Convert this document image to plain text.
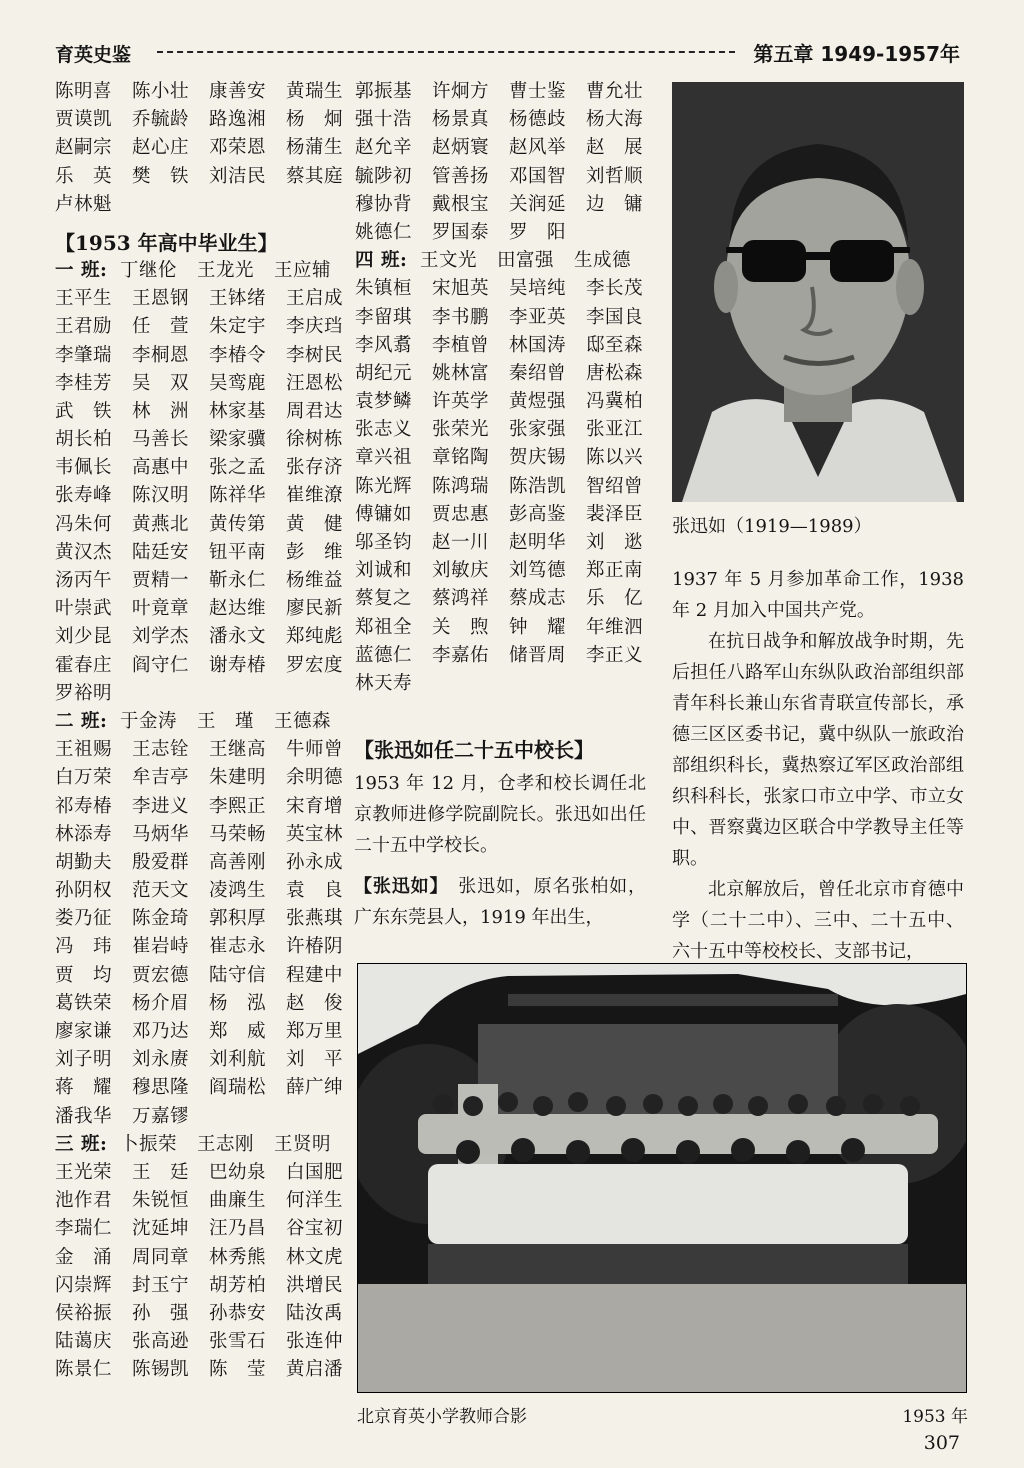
育英史鉴	第五章 1949-1957年
陈明喜 陈小壮 康善安 黄瑞生
贾谟凯 乔毓龄 路逸湘 杨　炯
赵嗣宗 赵心庄 邓荣恩 杨蒲生
乐　英 樊　铁 刘洁民 蔡其庭
卢林魁
【1953 年高中毕业生】
一 班: 丁继伦 王龙光 王应辅
王平生 王恩钢 王钵绪 王启成
王君励 任　萱 朱定宇 李庆珰
李肇瑞 李桐恩 李椿令 李树民
李桂芳 吴　双 吴鸾鹿 汪恩松
武　铁 林　洲 林家基 周君达
胡长柏 马善长 梁家骥 徐树栋
韦佩长 高惠中 张之孟 张存济
张寿峰 陈汉明 陈祥华 崔维潦
冯朱何 黄燕北 黄传第 黄　健
黄汉杰 陆廷安 钮平南 彭　维
汤丙午 贾精一 靳永仁 杨维益
叶崇武 叶竟章 赵达维 廖民新
刘少昆 刘学杰 潘永文 郑纯彪
霍春庄 阎守仁 谢寿椿 罗宏度
罗裕明
二 班: 于金涛 王　瑾 王德森
王祖赐 王志铨 王继高 牛师曾
白万荣 牟吉亭 朱建明 余明德
祁寿椿 李进义 李熙正 宋育增
林添寿 马炳华 马荣畅 英宝林
胡勤夫 殷爱群 高善刚 孙永成
孙阴权 范天文 凌鸿生 袁　良
娄乃征 陈金琦 郭积厚 张燕琪
冯　玮 崔岩峙 崔志永 许椿阴
贾　均 贾宏德 陆守信 程建中
葛铁荣 杨介眉 杨　泓 赵　俊
廖家谦 邓乃达 郑　威 郑万里
刘子明 刘永赓 刘利航 刘　平
蒋　耀 穆思隆 阎瑞松 薛广绅
潘我华 万嘉镠
三 班: 卜振荣 王志刚 王贤明
王光荣 王　廷 巴幼泉 白国肥
池作君 朱锐恒 曲廉生 何洋生
李瑞仁 沈延坤 汪乃昌 谷宝初
金　涌 周同章 林秀熊 林文虎
闪崇辉 封玉宁 胡芳柏 洪增民
侯裕振 孙　强 孙恭安 陆汝禹
陆蔼庆 张高逊 张雪石 张连仲
陈景仁 陈锡凯 陈　莹 黄启潘
郭振基 许炯方 曹士鉴 曹允壮
强十浩 杨景真 杨德歧 杨大海
赵允辛 赵炳寰 赵风举 赵　展
毓陟初 管善扬 邓国智 刘哲顺
穆协背 戴根宝 关润延 边　镛
姚德仁 罗国泰 罗　阳
四 班: 王文光 田富强 生成德
朱镇桓 宋旭英 吴培纯 李长茂
李留琪 李书鹏 李亚英 李国良
李风翥 李植曾 林国涛 邸至森
胡纪元 姚林富 秦绍曾 唐松森
袁梦鳞 许英学 黄煜强 冯冀柏
张志义 张荣光 张家强 张亚江
章兴祖 章铭陶 贺庆锡 陈以兴
陈光辉 陈鸿瑞 陈浩凯 智绍曾
傅镛如 贾忠惠 彭高鉴 裴泽臣
邬圣钧 赵一川 赵明华 刘　逖
刘诚和 刘敏庆 刘笃德 郑正南
蔡复之 蔡鸿祥 蔡成志 乐　亿
郑祖全 关　煦 钟　耀 年维泗
蓝德仁 李嘉佑 储晋周 李正义
林天寿
张迅如（1919—1989）

1937 年 5 月参加革命工作，1938 年 2 月加入中国共产党。

在抗日战争和解放战争时期，先后担任八路军山东纵队政治部组织部青年科长兼山东省青联宣传部长，承德三区区委书记，冀中纵队一旅政治部组织科长，冀热察辽军区政治部组织科科长，张家口市立中学、市立女中、晋察冀边区联合中学教导主任等职。

北京解放后，曾任北京市育德中学（二十二中）、三中、二十五中、六十五中等校校长、支部书记，

【张迅如任二十五中校长】

1953 年 12 月，仓孝和校长调任北京教师进修学院副院长。张迅如出任二十五中学校长。

【张迅如】　张迅如，原名张柏如，广东东莞县人，1919 年出生，

北京育英小学教师合影	1953 年
307
